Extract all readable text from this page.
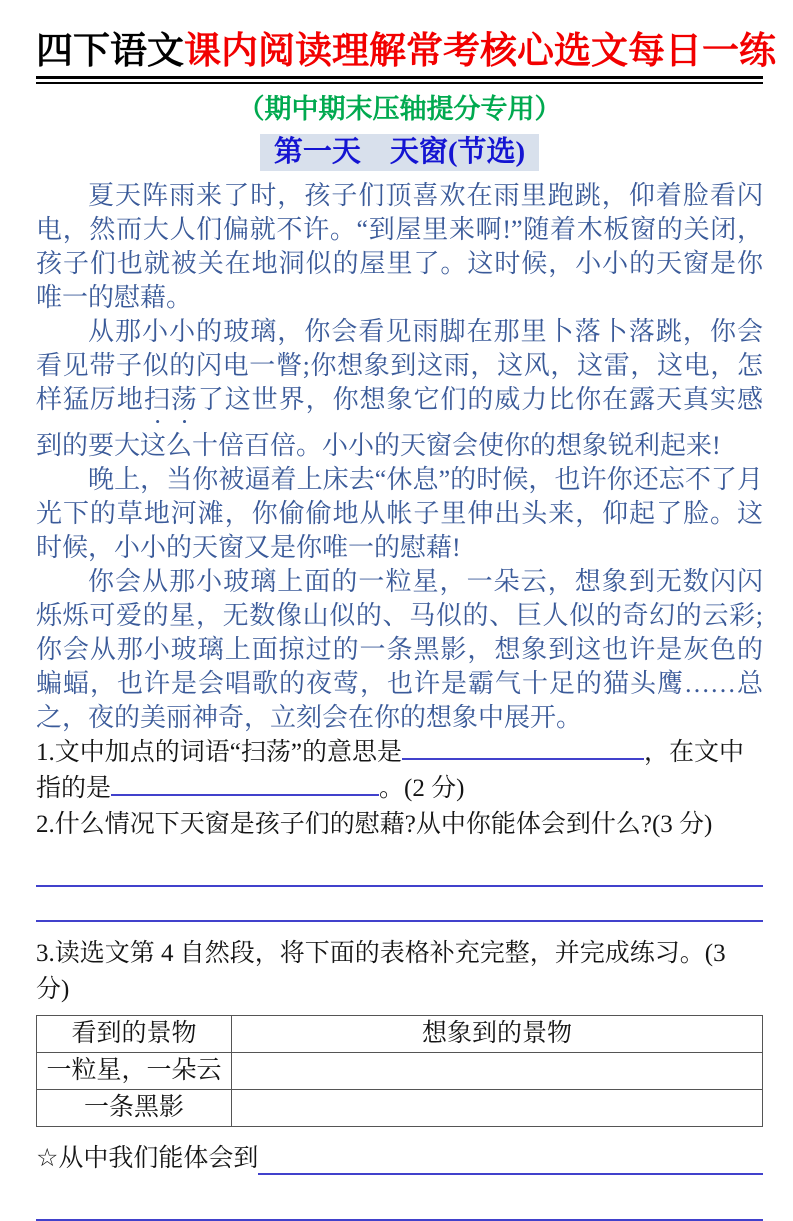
四下语文课内阅读理解常考核心选文每日一练
（期中期末压轴提分专用）
第一天　天窗(节选)

夏天阵雨来了时，孩子们顶喜欢在雨里跑跳，仰着脸看闪电，然而大人们偏就不许。“到屋里来啊!”随着木板窗的关闭，孩子们也就被关在地洞似的屋里了。这时候，小小的天窗是你唯一的慰藉。

从那小小的玻璃，你会看见雨脚在那里卜落卜落跳，你会看见带子似的闪电一瞥;你想象到这雨，这风，这雷，这电，怎样猛厉地扫荡了这世界，你想象它们的威力比你在露天真实感到的要大这么十倍百倍。小小的天窗会使你的想象锐利起来!

晚上，当你被逼着上床去“休息”的时候，也许你还忘不了月光下的草地河滩，你偷偷地从帐子里伸出头来，仰起了脸。这时候，小小的天窗又是你唯一的慰藉!

你会从那小玻璃上面的一粒星，一朵云，想象到无数闪闪烁烁可爱的星，无数像山似的、马似的、巨人似的奇幻的云彩;你会从那小玻璃上面掠过的一条黑影，想象到这也许是灰色的蝙蝠，也许是会唱歌的夜莺，也许是霸气十足的猫头鹰……总之，夜的美丽神奇，立刻会在你的想象中展开。

1.文中加点的词语“扫荡”的意思是	，在文中指的是	。(2 分)

2.什么情况下天窗是孩子们的慰藉?从中你能体会到什么?(3 分)

3.读选文第 4 自然段，将下面的表格补充完整，并完成练习。(3 分)

看到的景物	想象到的景物
一粒星，一朵云	
一条黑影	
☆ 从中我们能体会到
